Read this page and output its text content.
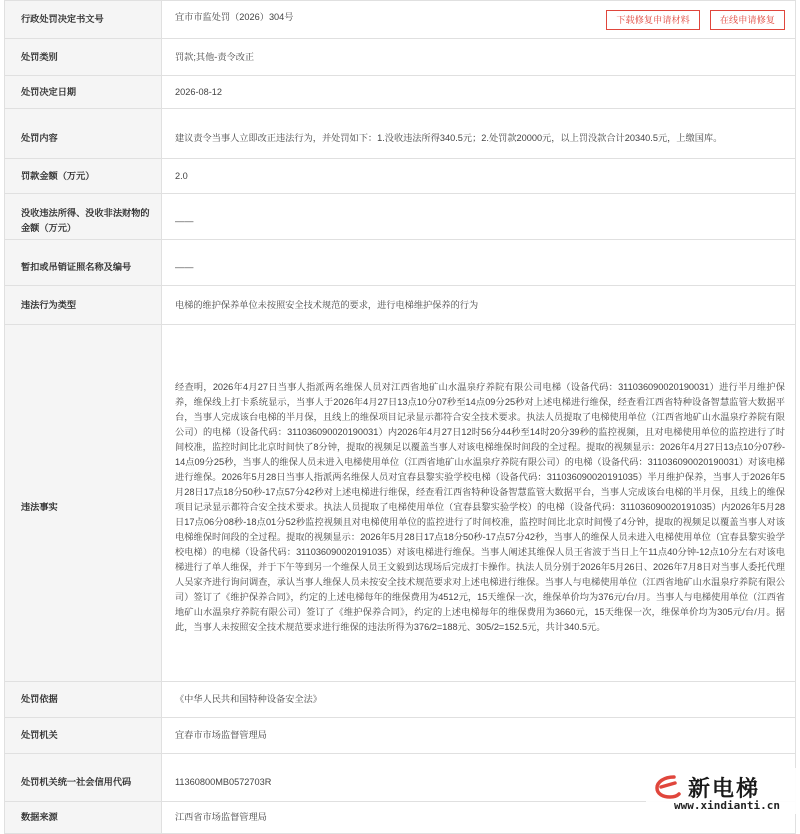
行政处罚决定书文号	宜市市监处罚（2026）304号 下载修复申请材料 在线申请修复

处罚类别	罚款;其他-责令改正
处罚决定日期	2026-08-12
处罚内容	建议责令当事人立即改正违法行为，并处罚如下：1.没收违法所得340.5元；2.处罚款20000元，以上罚没款合计20340.5元，上缴国库。
罚款金额（万元）	2.0
没收违法所得、没收非法财物的金额（万元）	——
暂扣或吊销证照名称及编号	——
违法行为类型	电梯的维护保养单位未按照安全技术规范的要求，进行电梯维护保养的行为
违法事实	经查明，2026年4月27日当事人指派两名维保人员对江西省地矿山水温泉疗养院有限公司电梯（设备代码：311036090020190031）进行半月维护保养，维保线上打卡系统显示，当事人于2026年4月27日13点10分07秒至14点09分25秒对上述电梯进行维保，经查看江西省特种设备智慧监管大数据平台，当事人完成该台电梯的半月保，且线上的维保项目记录显示都符合安全技术要求。执法人员提取了电梯使用单位（江西省地矿山水温泉疗养院有限公司）的电梯（设备代码：311036090020190031）内2026年4月27日12时56分44秒至14时20分39秒的监控视频，且对电梯使用单位的监控进行了时间校准，监控时间比北京时间快了8分钟，提取的视频足以覆盖当事人对该电梯维保时间段的全过程。提取的视频显示：2026年4月27日13点10分07秒-14点09分25秒，当事人的维保人员未进入电梯使用单位（江西省地矿山水温泉疗养院有限公司）的电梯（设备代码：311036090020190031）对该电梯进行维保。2026年5月28日当事人指派两名维保人员对宜春县黎实验学校电梯（设备代码：311036090020191035）半月维护保养，当事人于2026年5月28日17点18分50秒-17点57分42秒对上述电梯进行维保，经查看江西省特种设备智慧监管大数据平台，当事人完成该台电梯的半月保，且线上的维保项目记录显示都符合安全技术要求。执法人员提取了电梯使用单位（宜春县黎实验学校）的电梯（设备代码：311036090020191035）内2026年5月28日17点06分08秒-18点01分52秒监控视频且对电梯使用单位的监控进行了时间校准，监控时间比北京时间慢了4分钟，提取的视频足以覆盖当事人对该电梯维保时间段的全过程。提取的视频显示：2026年5月28日17点18分50秒-17点57分42秒，当事人的维保人员未进入电梯使用单位（宜春县黎实验学校电梯）的电梯（设备代码：311036090020191035）对该电梯进行维保。当事人阐述其维保人员王省波于当日上午11点40分钟-12点10分左右对该电梯进行了单人维保，并于下午等到另一个维保人员王文毅到达现场后完成打卡操作。执法人员分别于2026年5月26日、2026年7月8日对当事人委托代理人吴家齐进行询问调查，承认当事人维保人员未按安全技术规范要求对上述电梯进行维保。当事人与电梯使用单位（江西省地矿山水温泉疗养院有限公司）签订了《维护保养合同》，约定的上述电梯每年的维保费用为4512元，15天维保一次，维保单价均为376元/台/月。当事人与电梯使用单位（江西省地矿山水温泉疗养院有限公司）签订了《维护保养合同》，约定的上述电梯每年的维保费用为3660元，15天维保一次，维保单价均为305元/台/月。据此，当事人未按照安全技术规范要求进行维保的违法所得为376/2=188元、305/2=152.5元，共计340.5元。

处罚依据	《中华人民共和国特种设备安全法》
处罚机关	宜春市市场监督管理局
处罚机关统一社会信用代码	11360800MB0572703R
数据来源	江西省市场监督管理局
新电梯
www.xindianti.cn
